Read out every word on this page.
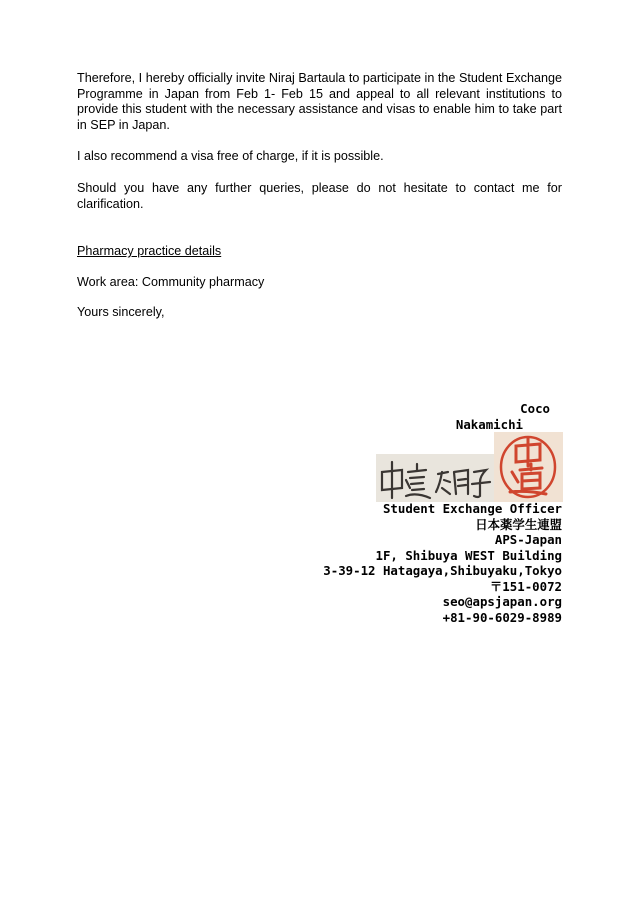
Therefore, I hereby officially invite Niraj Bartaula to participate in the Student Exchange Programme in Japan from Feb 1- Feb 15 and appeal to all relevant institutions to provide this student with the necessary assistance and visas to enable him to take part in SEP in Japan.

I also recommend a visa free of charge, if it is possible.

Should you have any further queries, please do not hesitate to contact me for clarification.

Pharmacy practice details

Work area: Community pharmacy

Yours sincerely,

Coco
Nakamichi
Student Exchange Officer
日本薬学生連盟
APS-Japan
1F, Shibuya WEST Building
3-39-12 Hatagaya,Shibuyaku,Tokyo
〒151-0072
seo@apsjapan.org
+81-90-6029-8989
